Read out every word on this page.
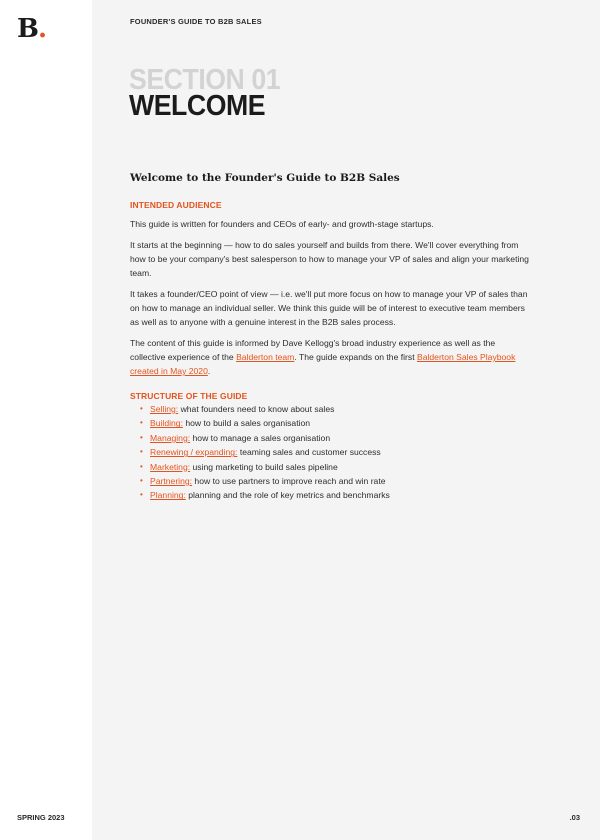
B.	FOUNDER'S GUIDE TO B2B SALES
SECTION 01
WELCOME

Welcome to the Founder's Guide to B2B Sales

INTENDED AUDIENCE

This guide is written for founders and CEOs of early- and growth-stage startups.

It starts at the beginning — how to do sales yourself and builds from there. We'll cover everything from how to be your company's best salesperson to how to manage your VP of sales and align your marketing team.

It takes a founder/CEO point of view — i.e. we'll put more focus on how to manage your VP of sales than on how to manage an individual seller. We think this guide will be of interest to executive team members as well as to anyone with a genuine interest in the B2B sales process.

The content of this guide is informed by Dave Kellogg's broad industry experience as well as the collective experience of the Balderton team. The guide expands on the first Balderton Sales Playbook created in May 2020.

STRUCTURE OF THE GUIDE

• Selling: what founders need to know about sales
• Building: how to build a sales organisation
• Managing: how to manage a sales organisation
• Renewing / expanding: teaming sales and customer success
• Marketing: using marketing to build sales pipeline
• Partnering: how to use partners to improve reach and win rate
• Planning: planning and the role of key metrics and benchmarks
SPRING 2023	.03
